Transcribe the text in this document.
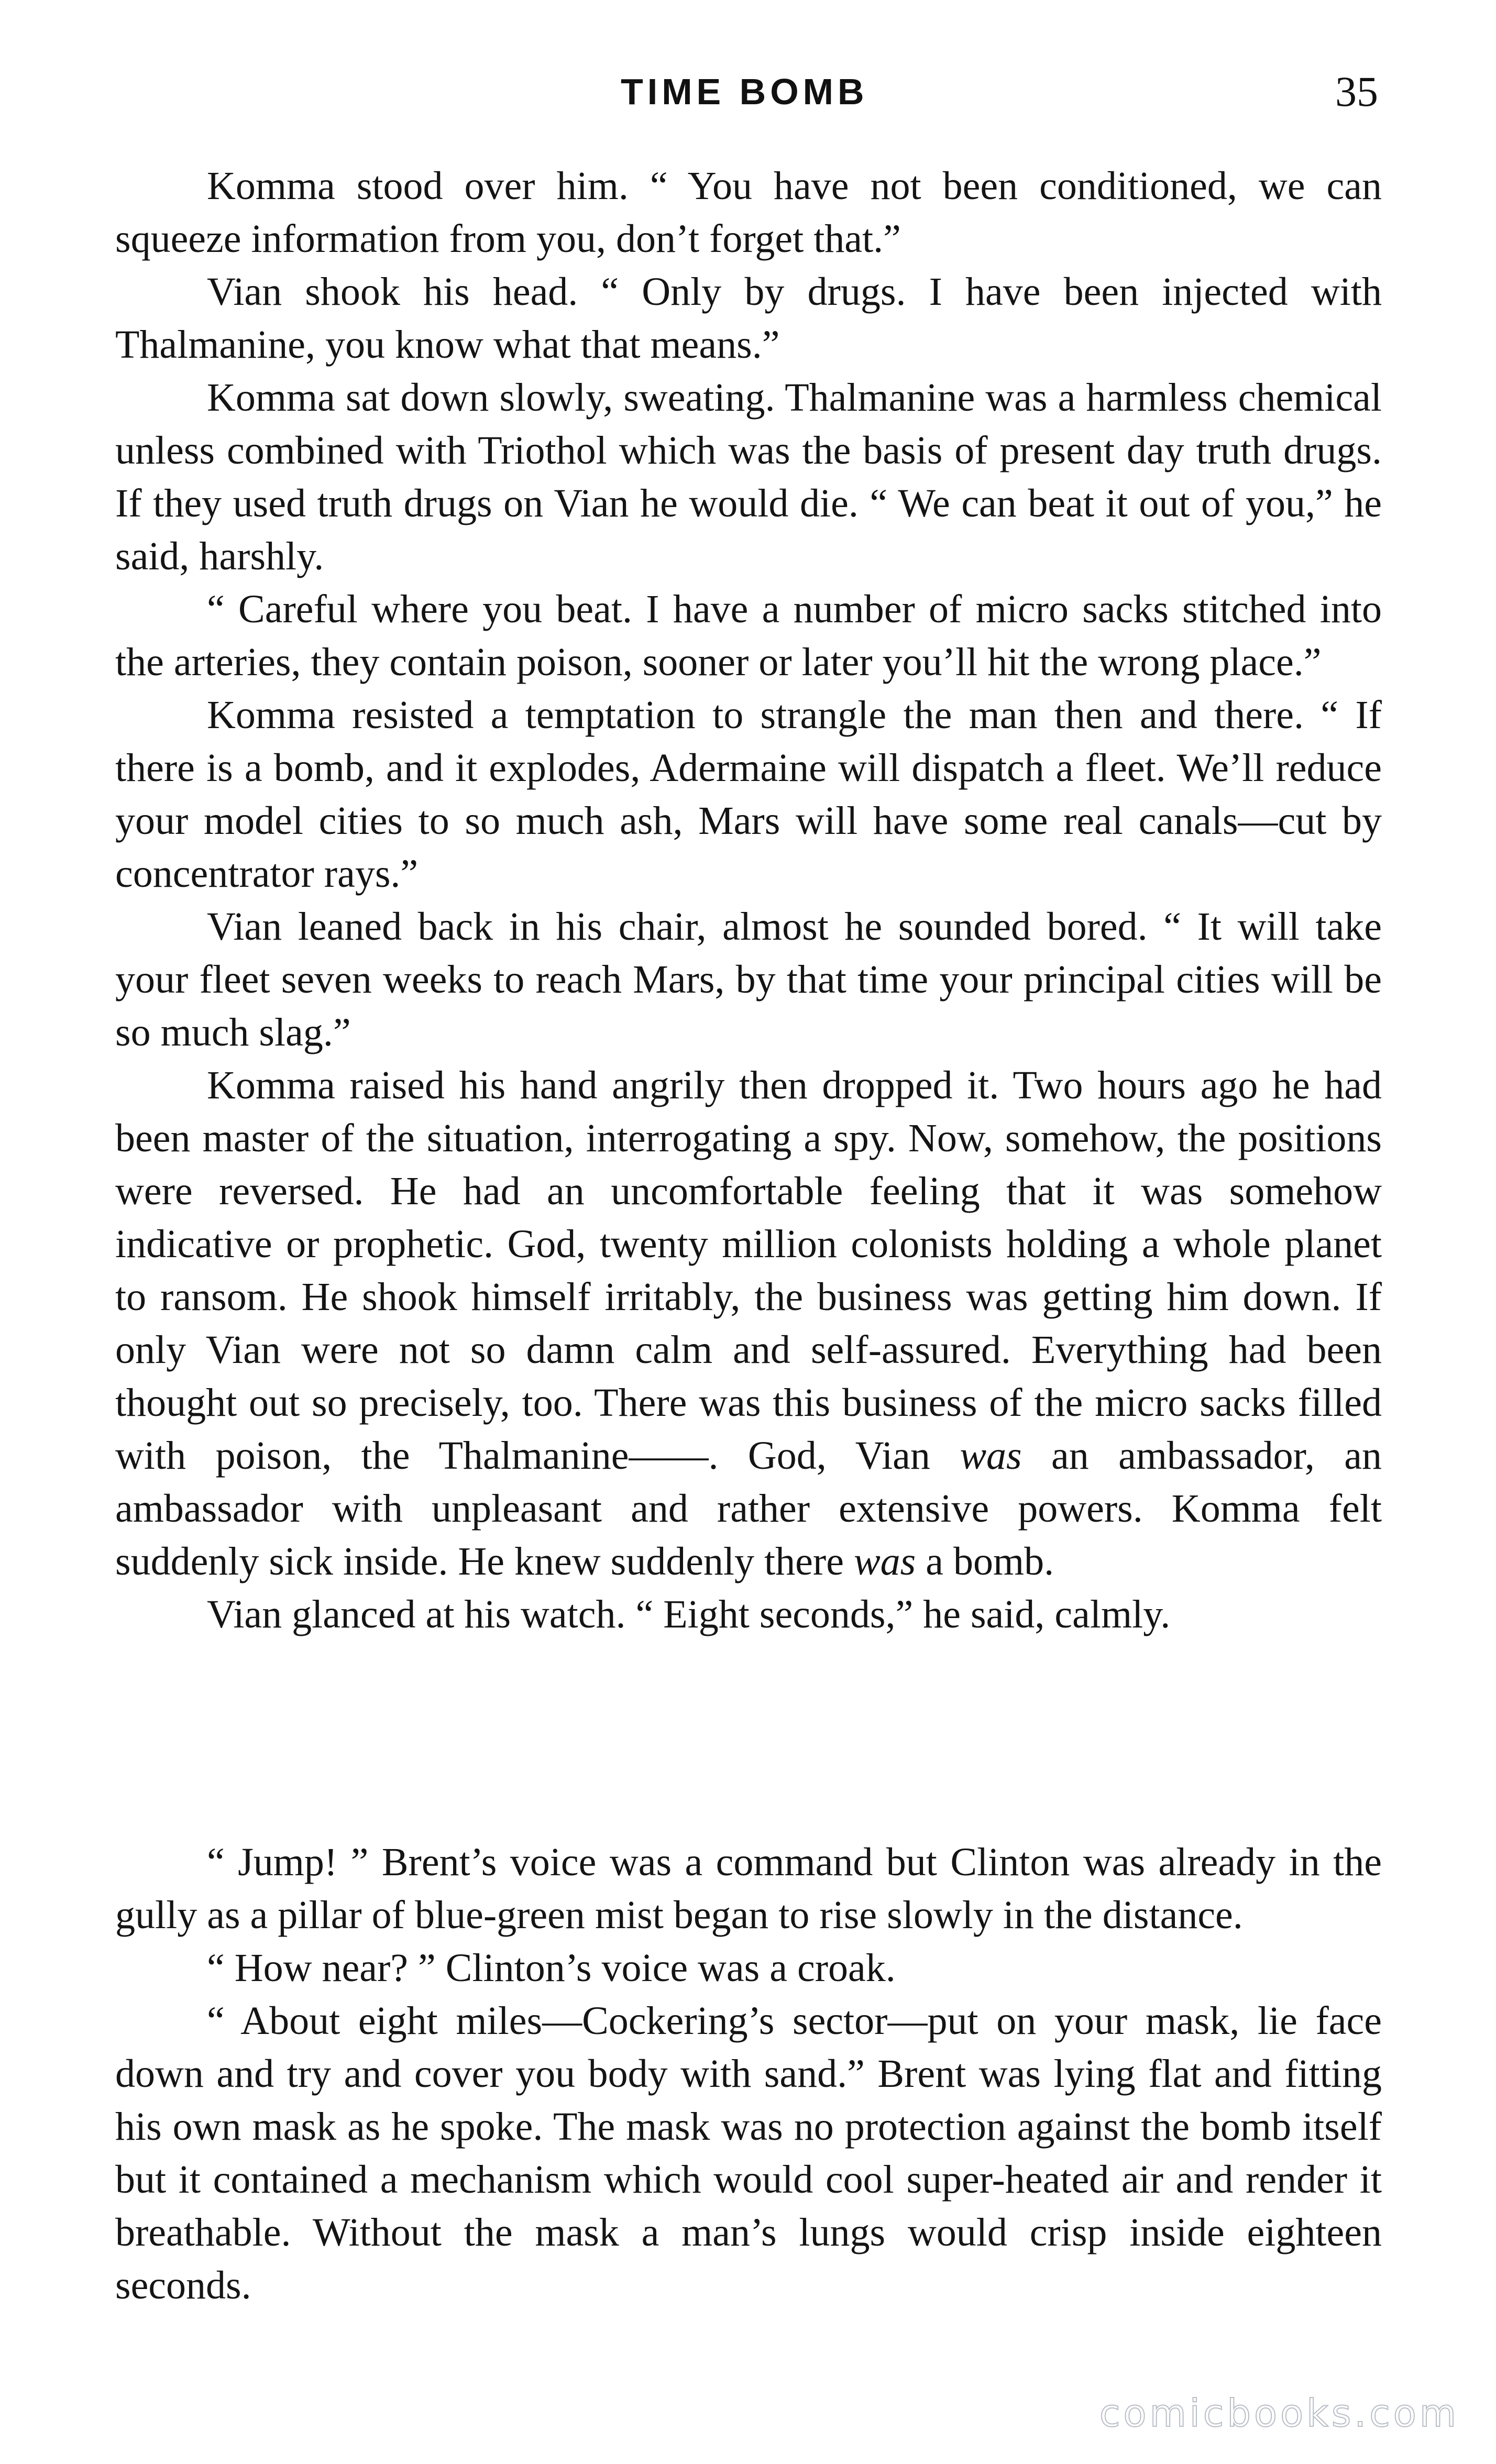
TIME BOMB	35

Komma stood over him. “ You have not been conditioned, we can squeeze information from you, don’t forget that.”

Vian shook his head. “ Only by drugs. I have been injected with Thalmanine, you know what that means.”

Komma sat down slowly, sweating. Thalmanine was a harmless chemical unless combined with Triothol which was the basis of present day truth drugs. If they used truth drugs on Vian he would die. “ We can beat it out of you,” he said, harshly.

“ Careful where you beat. I have a number of micro sacks stitched into the arteries, they contain poison, sooner or later you’ll hit the wrong place.”

Komma resisted a temptation to strangle the man then and there. “ If there is a bomb, and it explodes, Adermaine will dispatch a fleet. We’ll reduce your model cities to so much ash, Mars will have some real canals—cut by concentrator rays.”

Vian leaned back in his chair, almost he sounded bored. “ It will take your fleet seven weeks to reach Mars, by that time your principal cities will be so much slag.”

Komma raised his hand angrily then dropped it. Two hours ago he had been master of the situation, interrogating a spy. Now, somehow, the positions were reversed. He had an uncomfortable feeling that it was somehow indicative or prophetic. God, twenty million colonists holding a whole planet to ransom. He shook himself irritably, the business was getting him down. If only Vian were not so damn calm and self-assured. Everything had been thought out so precisely, too. There was this business of the micro sacks filled with poison, the Thalmanine——. God, Vian was an ambassador, an ambassador with unpleasant and rather extensive powers. Komma felt suddenly sick inside. He knew suddenly there was a bomb.

Vian glanced at his watch. “ Eight seconds,” he said, calmly.

“ Jump! ” Brent’s voice was a command but Clinton was already in the gully as a pillar of blue-green mist began to rise slowly in the distance.

“ How near? ” Clinton’s voice was a croak.

“ About eight miles—Cockering’s sector—put on your mask, lie face down and try and cover you body with sand.” Brent was lying flat and fitting his own mask as he spoke. The mask was no protection against the bomb itself but it contained a mechanism which would cool super-heated air and render it breathable. Without the mask a man’s lungs would crisp inside eighteen seconds.

comicbooks.com
